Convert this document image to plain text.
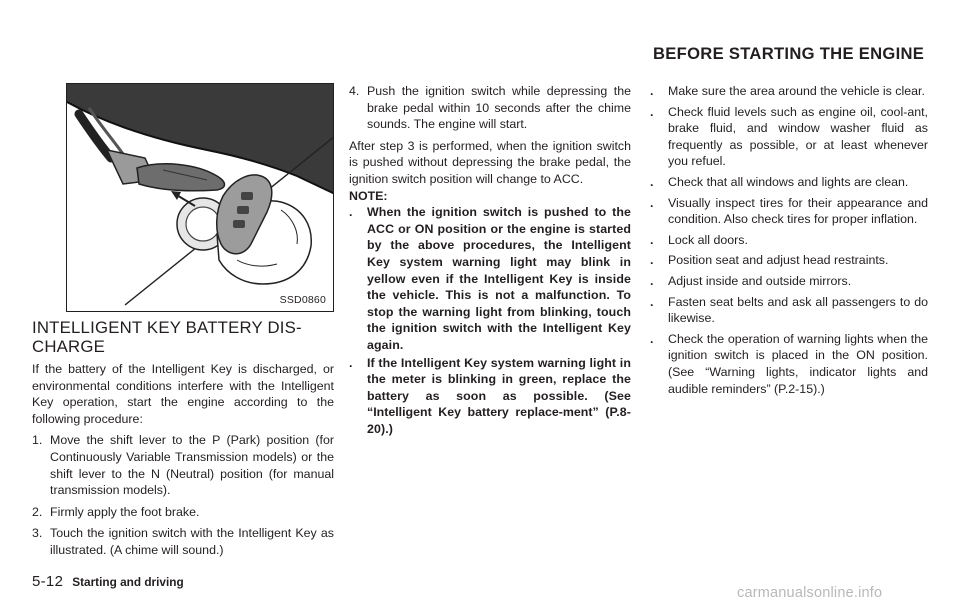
BEFORE STARTING THE ENGINE
SSD0860
INTELLIGENT KEY BATTERY DIS-
CHARGE

If the battery of the Intelligent Key is discharged, or environmental conditions interfere with the Intelligent Key operation, start the engine according to the following procedure:

1. Move the shift lever to the P (Park) position (for Continuously Variable Transmission models) or the shift lever to the N (Neutral) position (for manual transmission models).
2. Firmly apply the foot brake.
3. Touch the ignition switch with the Intelligent Key as illustrated. (A chime will sound.)
4. Push the ignition switch while depressing the brake pedal within 10 seconds after the chime sounds. The engine will start.

After step 3 is performed, when the ignition switch is pushed without depressing the brake pedal, the ignition switch position will change to ACC.

NOTE:

. When the ignition switch is pushed to the ACC or ON position or the engine is started by the above procedures, the Intelligent Key system warning light may blink in yellow even if the Intelligent Key is inside the vehicle. This is not a malfunction. To stop the warning light from blinking, touch the ignition switch with the Intelligent Key again.
. If the Intelligent Key system warning light in the meter is blinking in green, replace the battery as soon as possible. (See “Intelligent Key battery replace-ment” (P.8-20).)
. Make sure the area around the vehicle is clear.
. Check fluid levels such as engine oil, cool-ant, brake fluid, and window washer fluid as frequently as possible, or at least whenever you refuel.
. Check that all windows and lights are clean.
. Visually inspect tires for their appearance and condition. Also check tires for proper inflation.
. Lock all doors.
. Position seat and adjust head restraints.
. Adjust inside and outside mirrors.
. Fasten seat belts and ask all passengers to do likewise.
. Check the operation of warning lights when the ignition switch is placed in the ON position. (See “Warning lights, indicator lights and audible reminders” (P.2-15).)
5-12 Starting and driving
carmanualsonline.info
